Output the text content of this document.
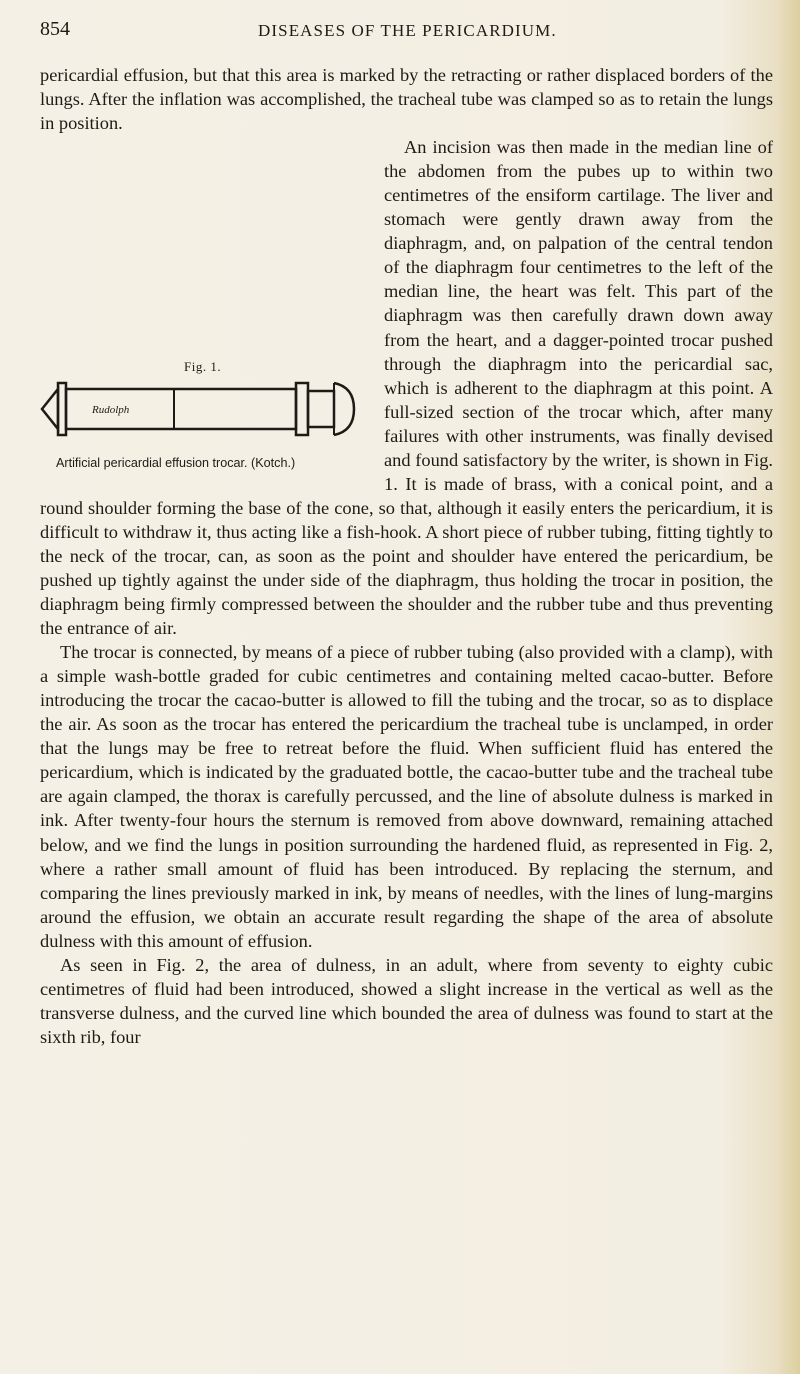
854	DISEASES OF THE PERICARDIUM.

pericardial effusion, but that this area is marked by the retracting or rather displaced borders of the lungs. After the inflation was accomplished, the tracheal tube was clamped so as to retain the lungs in position.

Fig. 1.
Rudolph
Artificial pericardial effusion trocar. (Kotch.)
An incision was then made in the median line of the abdomen from the pubes up to within two centimetres of the ensiform cartilage. The liver and stomach were gently drawn away from the diaphragm, and, on palpation of the central tendon of the diaphragm four centimetres to the left of the median line, the heart was felt. This part of the diaphragm was then carefully drawn down away from the heart, and a dagger-pointed trocar pushed through the diaphragm into the pericardial sac, which is adherent to the diaphragm at this point. A full-sized section of the trocar which, after many failures with other instruments, was finally devised and found satisfactory by the writer, is shown in Fig. 1. It is made of brass, with a conical point, and a round shoulder forming the base of the cone, so that, although it easily enters the pericardium, it is difficult to withdraw it, thus acting like a fish-hook. A short piece of rubber tubing, fitting tightly to the neck of the trocar, can, as soon as the point and shoulder have entered the pericardium, be pushed up tightly against the under side of the diaphragm, thus holding the trocar in position, the diaphragm being firmly compressed between the shoulder and the rubber tube and thus preventing the entrance of air.

The trocar is connected, by means of a piece of rubber tubing (also provided with a clamp), with a simple wash-bottle graded for cubic centimetres and containing melted cacao-butter. Before introducing the trocar the cacao-butter is allowed to fill the tubing and the trocar, so as to displace the air. As soon as the trocar has entered the pericardium the tracheal tube is unclamped, in order that the lungs may be free to retreat before the fluid. When sufficient fluid has entered the pericardium, which is indicated by the graduated bottle, the cacao-butter tube and the tracheal tube are again clamped, the thorax is carefully percussed, and the line of absolute dulness is marked in ink. After twenty-four hours the sternum is removed from above downward, remaining attached below, and we find the lungs in position surrounding the hardened fluid, as represented in Fig. 2, where a rather small amount of fluid has been introduced. By replacing the sternum, and comparing the lines previously marked in ink, by means of needles, with the lines of lung-margins around the effusion, we obtain an accurate result regarding the shape of the area of absolute dulness with this amount of effusion.

As seen in Fig. 2, the area of dulness, in an adult, where from seventy to eighty cubic centimetres of fluid had been introduced, showed a slight increase in the vertical as well as the transverse dulness, and the curved line which bounded the area of dulness was found to start at the sixth rib, four
